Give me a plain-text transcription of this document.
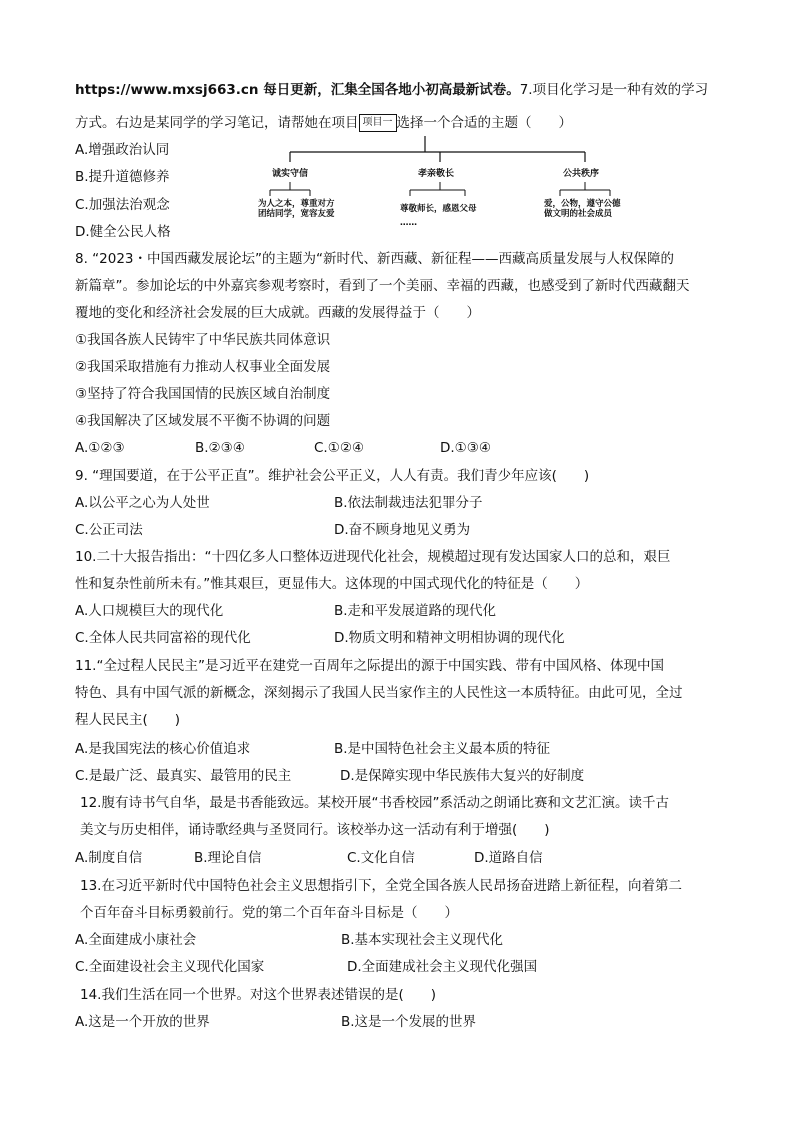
https://www.mxsj663.cn 每日更新，汇集全国各地小初高最新试卷。7.项目化学习是一种有效的学习
方式。右边是某同学的学习笔记，请帮她在项目 项目一 选择一个合适的主题（　　）
A.增强政治认同
B.提升道德修养
C.加强法治观念
D.健全公民人格
诚实守信	孝亲敬长	公共秩序
为人之本，尊重对方
团结同学，宽容友爱	尊敬师长，感恩父母
……
爱，公物，遵守公德
做文明的社会成员
8. “2023・中国西藏发展论坛”的主题为“新时代、新西藏、新征程——西藏高质量发展与人权保障的
新篇章”。参加论坛的中外嘉宾参观考察时，看到了一个美丽、幸福的西藏，也感受到了新时代西藏翻天
覆地的变化和经济社会发展的巨大成就。西藏的发展得益于（　　）
①我国各族人民铸牢了中华民族共同体意识
②我国采取措施有力推动人权事业全面发展
③坚持了符合我国国情的民族区域自治制度
④我国解决了区域发展不平衡不协调的问题
A.①②③	B.②③④	C.①②④	D.①③④
9. “理国要道，在于公平正直”。维护社会公平正义，人人有责。我们青少年应该(　　)
A.以公平之心为人处世	B.依法制裁违法犯罪分子
C.公正司法	D.奋不顾身地见义勇为
10.二十大报告指出：“十四亿多人口整体迈进现代化社会，规模超过现有发达国家人口的总和，艰巨
性和复杂性前所未有。”惟其艰巨，更显伟大。这体现的中国式现代化的特征是（　　）
A.人口规模巨大的现代化	B.走和平发展道路的现代化
C.全体人民共同富裕的现代化	D.物质文明和精神文明相协调的现代化
11.“全过程人民民主”是习近平在建党一百周年之际提出的源于中国实践、带有中国风格、体现中国
特色、具有中国气派的新概念，深刻揭示了我国人民当家作主的人民性这一本质特征。由此可见，全过
程人民民主(　　)
A.是我国宪法的核心价值追求	B.是中国特色社会主义最本质的特征
C.是最广泛、最真实、最管用的民主	D.是保障实现中华民族伟大复兴的好制度
12.腹有诗书气自华，最是书香能致远。某校开展“书香校园”系活动之朗诵比赛和文艺汇演。读千古
美文与历史相伴，诵诗歌经典与圣贤同行。该校举办这一活动有利于增强(　　)
A.制度自信	B.理论自信	C.文化自信	D.道路自信
13.在习近平新时代中国特色社会主义思想指引下，全党全国各族人民昂扬奋进踏上新征程，向着第二
个百年奋斗目标勇毅前行。党的第二个百年奋斗目标是（　　）
A.全面建成小康社会	B.基本实现社会主义现代化
C.全面建设社会主义现代化国家	D.全面建成社会主义现代化强国
14.我们生活在同一个世界。对这个世界表述错误的是(　　)
A.这是一个开放的世界	B.这是一个发展的世界
